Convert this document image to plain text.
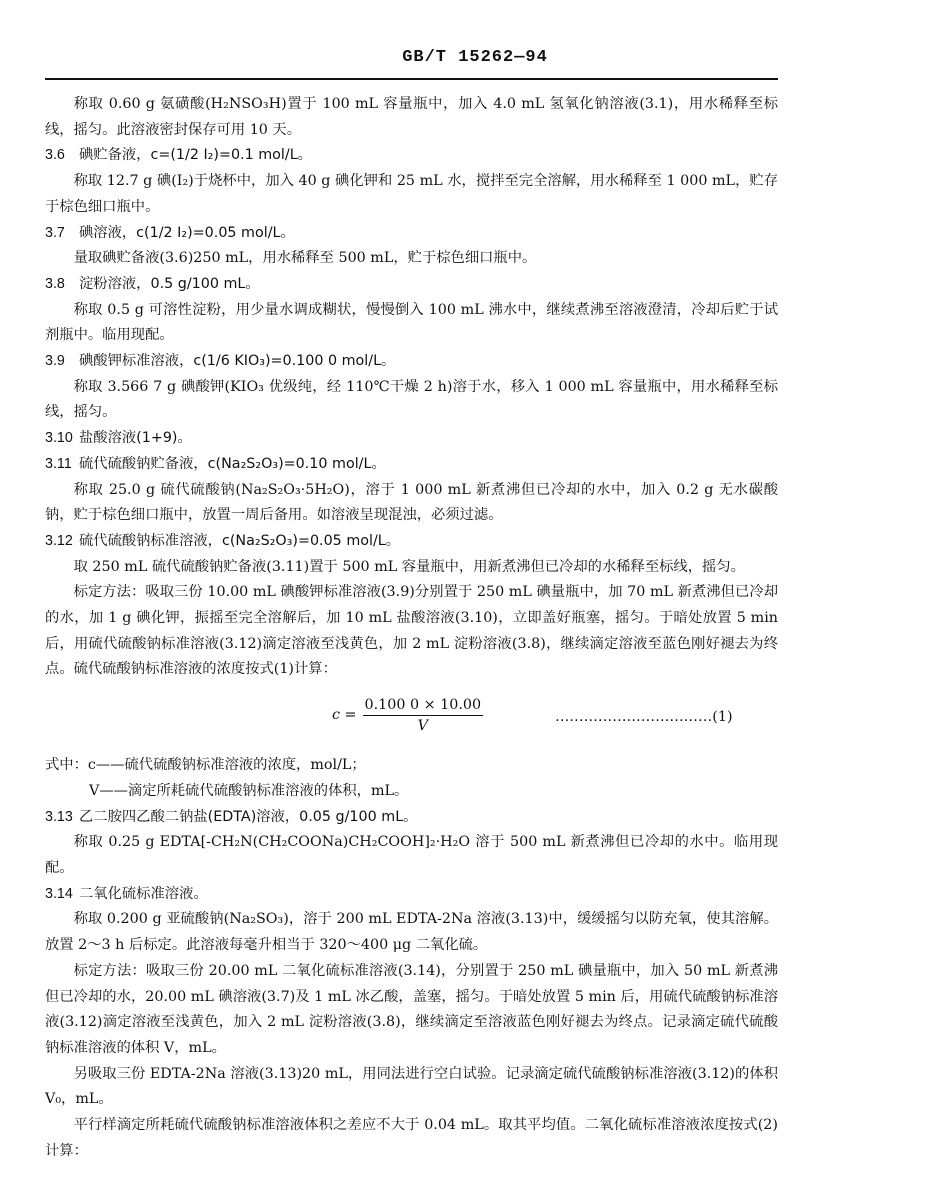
GB/T 15262—94

称取 0.60 g 氨磺酸(H₂NSO₃H)置于 100 mL 容量瓶中，加入 4.0 mL 氢氧化钠溶液(3.1)，用水稀释至标线，摇匀。此溶液密封保存可用 10 天。

3.6 碘贮备液，c=(1/2 I₂)=0.1 mol/L。

称取 12.7 g 碘(I₂)于烧杯中，加入 40 g 碘化钾和 25 mL 水，搅拌至完全溶解，用水稀释至 1 000 mL，贮存于棕色细口瓶中。

3.7 碘溶液，c(1/2 I₂)=0.05 mol/L。

量取碘贮备液(3.6)250 mL，用水稀释至 500 mL，贮于棕色细口瓶中。

3.8 淀粉溶液，0.5 g/100 mL。

称取 0.5 g 可溶性淀粉，用少量水调成糊状，慢慢倒入 100 mL 沸水中，继续煮沸至溶液澄清，冷却后贮于试剂瓶中。临用现配。

3.9 碘酸钾标准溶液，c(1/6 KIO₃)=0.100 0 mol/L。

称取 3.566 7 g 碘酸钾(KIO₃ 优级纯，经 110℃干燥 2 h)溶于水，移入 1 000 mL 容量瓶中，用水稀释至标线，摇匀。

3.10 盐酸溶液(1+9)。

3.11 硫代硫酸钠贮备液，c(Na₂S₂O₃)=0.10 mol/L。

称取 25.0 g 硫代硫酸钠(Na₂S₂O₃·5H₂O)，溶于 1 000 mL 新煮沸但已冷却的水中，加入 0.2 g 无水碳酸钠，贮于棕色细口瓶中，放置一周后备用。如溶液呈现混浊，必须过滤。

3.12 硫代硫酸钠标准溶液，c(Na₂S₂O₃)=0.05 mol/L。

取 250 mL 硫代硫酸钠贮备液(3.11)置于 500 mL 容量瓶中，用新煮沸但已冷却的水稀释至标线，摇匀。

标定方法：吸取三份 10.00 mL 碘酸钾标准溶液(3.9)分别置于 250 mL 碘量瓶中，加 70 mL 新煮沸但已冷却的水，加 1 g 碘化钾，振摇至完全溶解后，加 10 mL 盐酸溶液(3.10)，立即盖好瓶塞，摇匀。于暗处放置 5 min 后，用硫代硫酸钠标准溶液(3.12)滴定溶液至浅黄色，加 2 mL 淀粉溶液(3.8)，继续滴定溶液至蓝色刚好褪去为终点。硫代硫酸钠标准溶液的浓度按式(1)计算：

$c = \frac{0.100 0 \times 10.00}{V}$	……………………………(1)

式中：c——硫代硫酸钠标准溶液的浓度，mol/L；

V——滴定所耗硫代硫酸钠标准溶液的体积，mL。

3.13 乙二胺四乙酸二钠盐(EDTA)溶液，0.05 g/100 mL。

称取 0.25 g EDTA[-CH₂N(CH₂COONa)CH₂COOH]₂·H₂O 溶于 500 mL 新煮沸但已冷却的水中。临用现配。

3.14 二氧化硫标准溶液。

称取 0.200 g 亚硫酸钠(Na₂SO₃)，溶于 200 mL EDTA-2Na 溶液(3.13)中，缓缓摇匀以防充氧，使其溶解。放置 2～3 h 后标定。此溶液每毫升相当于 320～400 μg 二氧化硫。

标定方法：吸取三份 20.00 mL 二氧化硫标准溶液(3.14)，分别置于 250 mL 碘量瓶中，加入 50 mL 新煮沸但已冷却的水，20.00 mL 碘溶液(3.7)及 1 mL 冰乙酸，盖塞，摇匀。于暗处放置 5 min 后，用硫代硫酸钠标准溶液(3.12)滴定溶液至浅黄色，加入 2 mL 淀粉溶液(3.8)，继续滴定至溶液蓝色刚好褪去为终点。记录滴定硫代硫酸钠标准溶液的体积 V，mL。

另吸取三份 EDTA-2Na 溶液(3.13)20 mL，用同法进行空白试验。记录滴定硫代硫酸钠标准溶液(3.12)的体积 V₀，mL。

平行样滴定所耗硫代硫酸钠标准溶液体积之差应不大于 0.04 mL。取其平均值。二氧化硫标准溶液浓度按式(2)计算：
